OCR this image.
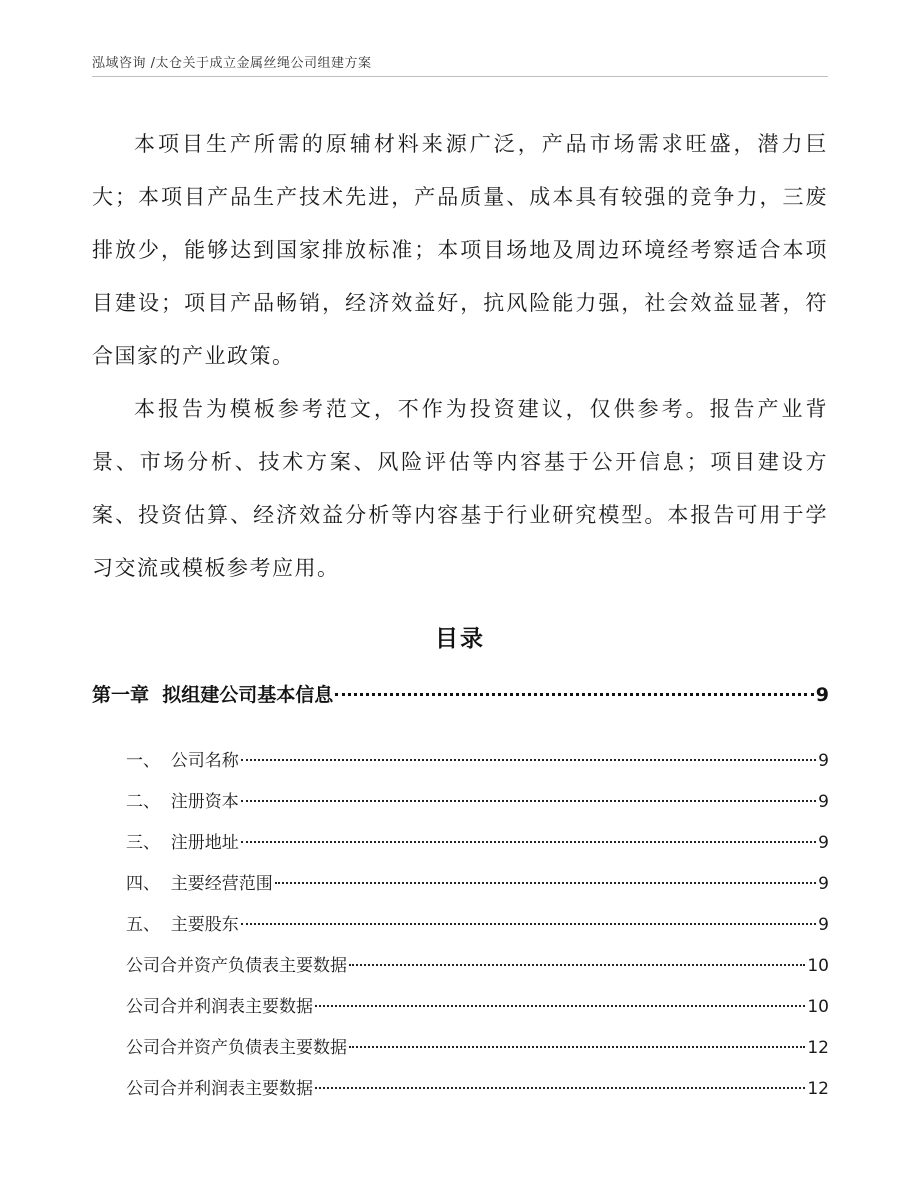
泓域咨询 /太仓关于成立金属丝绳公司组建方案

本项目生产所需的原辅材料来源广泛，产品市场需求旺盛，潜力巨大；本项目产品生产技术先进，产品质量、成本具有较强的竞争力，三废排放少，能够达到国家排放标准；本项目场地及周边环境经考察适合本项目建设；项目产品畅销，经济效益好，抗风险能力强，社会效益显著，符合国家的产业政策。

本报告为模板参考范文，不作为投资建议，仅供参考。报告产业背景、市场分析、技术方案、风险评估等内容基于公开信息；项目建设方案、投资估算、经济效益分析等内容基于行业研究模型。本报告可用于学习交流或模板参考应用。

目录
第一章  拟组建公司基本信息	9
一、  公司名称	9
二、  注册资本	9
三、  注册地址	9
四、  主要经营范围	9
五、  主要股东	9
公司合并资产负债表主要数据	10
公司合并利润表主要数据	10
公司合并资产负债表主要数据	12
公司合并利润表主要数据	12
